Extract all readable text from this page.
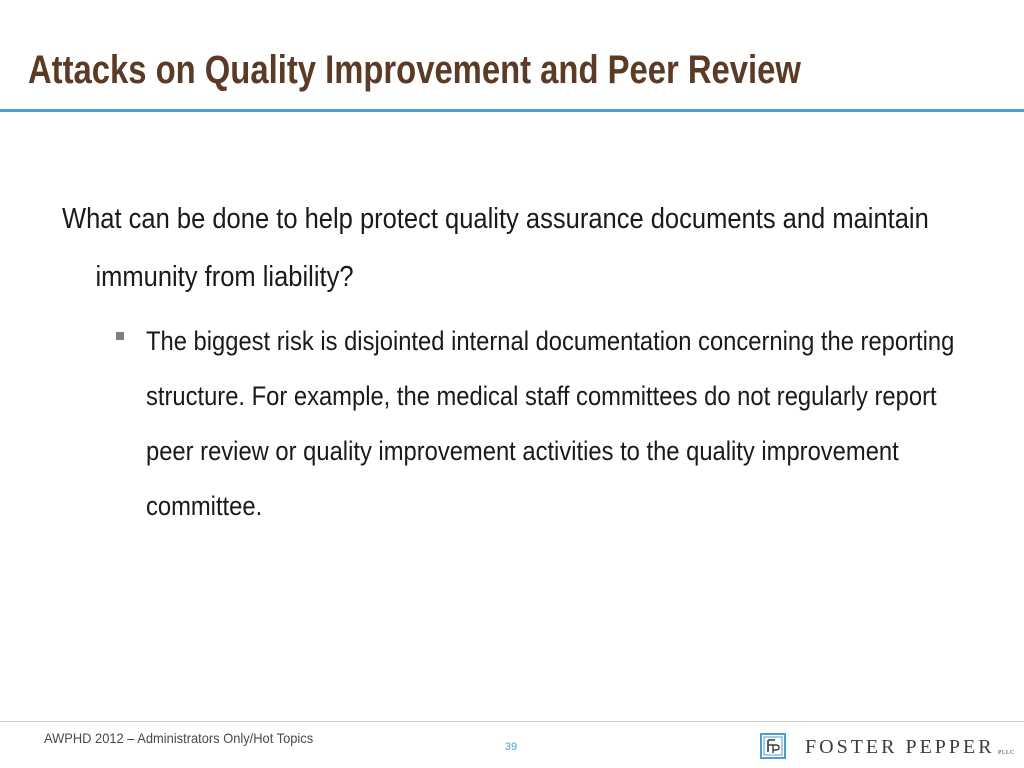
Attacks on Quality Improvement and Peer Review

What can be done to help protect quality assurance documents and maintain immunity from liability?

The biggest risk is disjointed internal documentation concerning the reporting structure. For example, the medical staff committees do not regularly report peer review or quality improvement activities to the quality improvement committee.

AWPHD 2012 – Administrators Only/Hot Topics
39	FOSTER PEPPER PLLC
